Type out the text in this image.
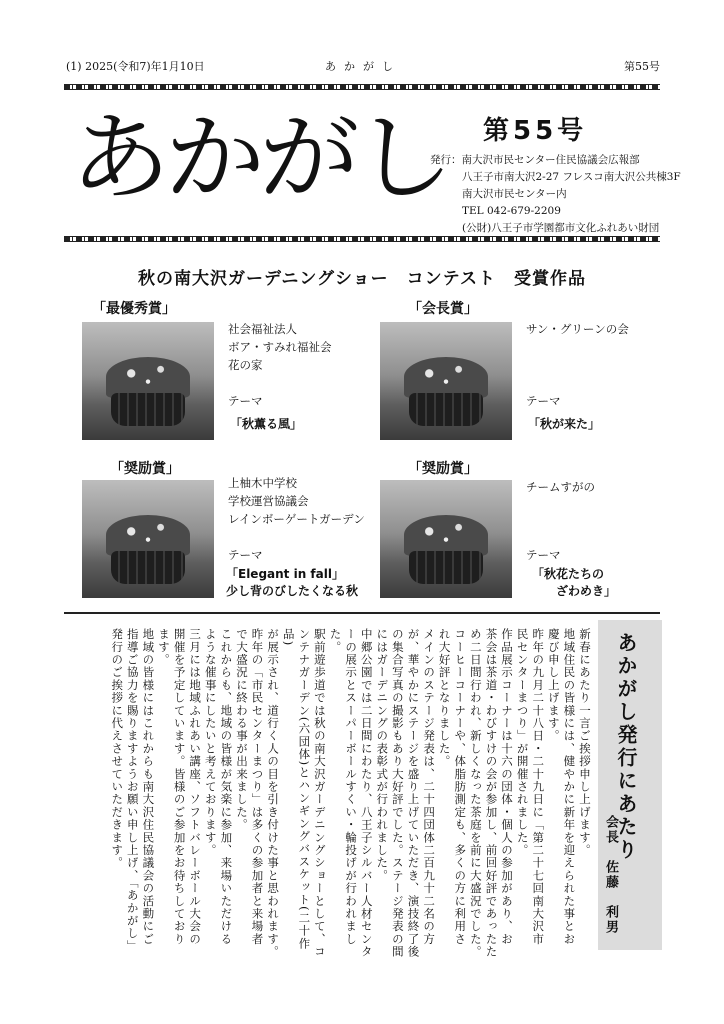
(1) 2025(令和7)年1月10日	あかがし	第55号
あかがし 第55号
発行：南大沢市民センター住民協議会広報部
八王子市南大沢2-27 フレスコ南大沢公共棟3F
南大沢市民センター内
TEL 042-679-2209
(公財)八王子市学園都市文化ふれあい財団
秋の南大沢ガーデニングショー　コンテスト　受賞作品
「最優秀賞」
社会福祉法人
ボア・すみれ福祉会
花の家
テーマ
「秋薫る風」
「会長賞」
サン・グリーンの会
テーマ
「秋が来た」
「奨励賞」
上柚木中学校
学校運営協議会
レインボーゲートガーデン
テーマ
「Elegant in fall」
少し背のびしたくなる秋
「奨励賞」
チームすがの
テーマ
「秋花たちの
ざわめき」
あかがし発行にあたり
会長　佐藤　利男
新春にあたり一言ご挨拶申し上げます。
地域住民の皆様には、健やかに新年を迎えられた事とお
慶び申し上げます。
昨年の九月二十八日・二十九日に「第二十七回南大沢市
民センターまつり」が開催されました。
作品展示コーナーは十六の団体・個人の参加があり、お
茶会は茶道・わびすけの会が参加し、前回好評であったた
め二日間行われ、新しくなった茶庭を前に大盛況でした。
コーヒーコーナーや、体脂肪測定も、多くの方に利用さ
れ大好評となりました。
メインのステージ発表は、二十四団体二百九十二名の方
が、華やかにステージを盛り上げていただき、演技終了後
の集合写真の撮影もあり大好評でした。ステージ発表の間
にはガーデニングの表彰式が行われました。
中郷公園では二日間にわたり、八王子シルバー人材センタ
ーの展示とスーパーボールすくい・輪投げが行われました。
駅前遊歩道では秋の南大沢ガーデニングショーとして、コ
ンテナガーデン(六団体)とハンギングバスケット(二十作品)
が展示され、道行く人の目を引き付けた事と思われます。
昨年の「市民センターまつり」は多くの参加者と来場者
で大盛況に終わる事が出来ました。
これからも、地域の皆様が気楽に参加、来場いただける
ような催事にしたいと考えております。
三月には地域ふれあい講座、ソフトバレーボール大会の
開催を予定しています。皆様のご参加をお待ちしており
ます。
地域の皆様にはこれからも南大沢住民協議会の活動にご
指導ご協力を賜りますようお願い申し上げ、「あかがし」
発行のご挨拶に代えさせていただきます。
